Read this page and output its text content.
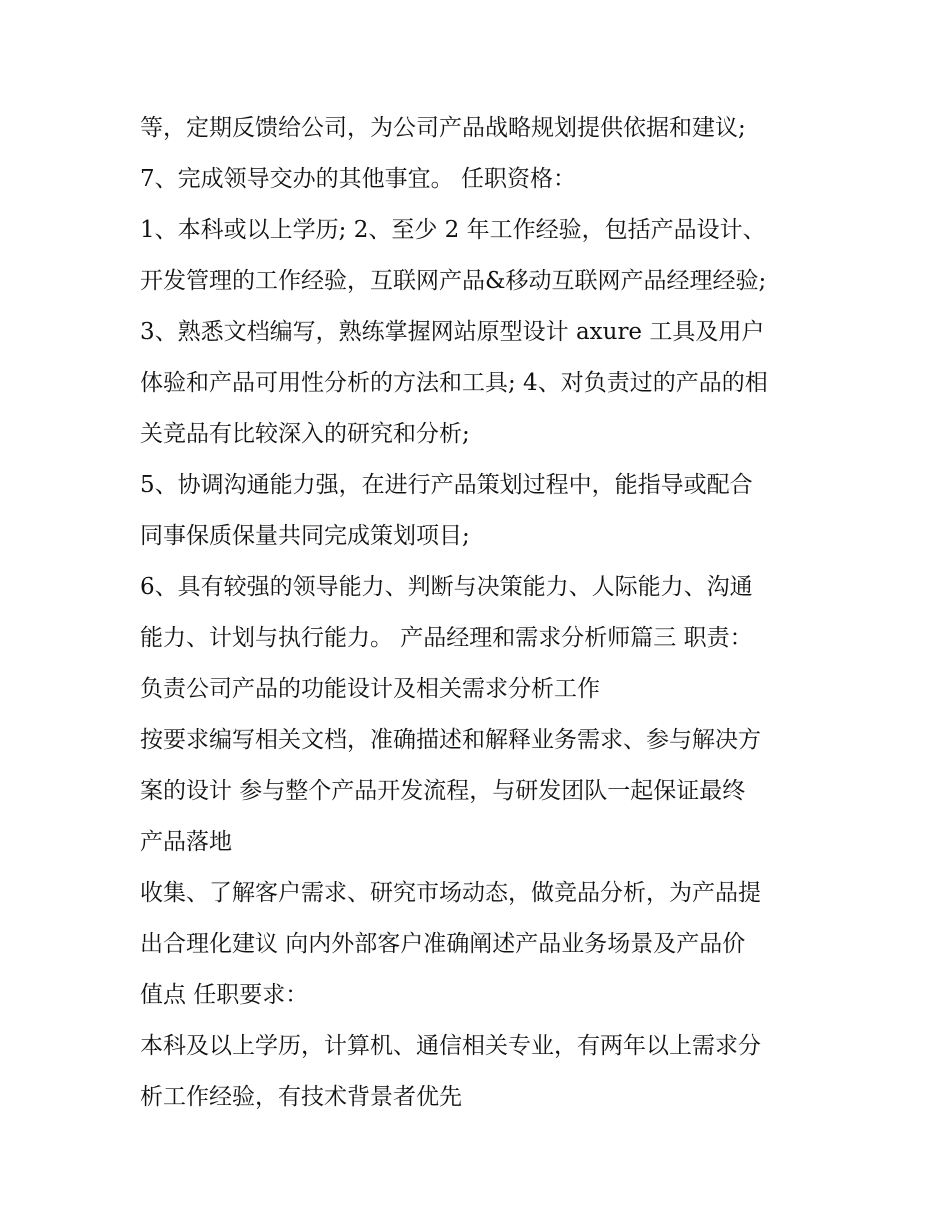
等，定期反馈给公司，为公司产品战略规划提供依据和建议;
7、完成领导交办的其他事宜。 任职资格：
1、本科或以上学历; 2、至少 2 年工作经验，包括产品设计、
开发管理的工作经验，互联网产品&移动互联网产品经理经验;
3、熟悉文档编写，熟练掌握网站原型设计 axure 工具及用户
体验和产品可用性分析的方法和工具; 4、对负责过的产品的相
关竞品有比较深入的研究和分析;
5、协调沟通能力强，在进行产品策划过程中，能指导或配合
同事保质保量共同完成策划项目;
6、具有较强的领导能力、判断与决策能力、人际能力、沟通
能力、计划与执行能力。 产品经理和需求分析师篇三 职责：
负责公司产品的功能设计及相关需求分析工作
按要求编写相关文档，准确描述和解释业务需求、参与解决方
案的设计 参与整个产品开发流程，与研发团队一起保证最终
产品落地
收集、了解客户需求、研究市场动态，做竞品分析，为产品提
出合理化建议 向内外部客户准确阐述产品业务场景及产品价
值点 任职要求：
本科及以上学历，计算机、通信相关专业，有两年以上需求分
析工作经验，有技术背景者优先
